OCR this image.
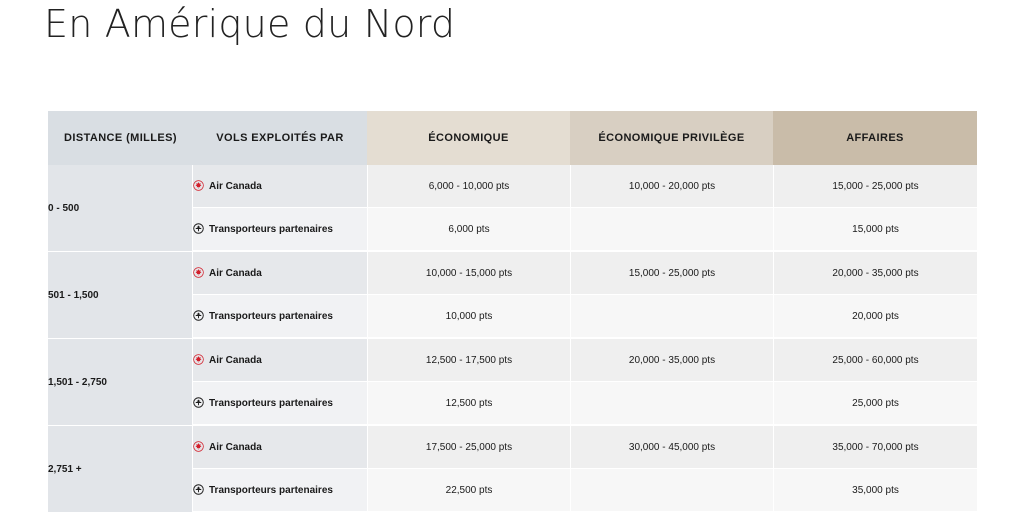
En Amérique du Nord
DISTANCE (MILLES)	VOLS EXPLOITÉS PAR	ÉCONOMIQUE	ÉCONOMIQUE PRIVILÈGE	AFFAIRES
0 - 500	Air Canada	6,000 - 10,000 pts	10,000 - 20,000 pts	15,000 - 25,000 pts
	Transporteurs partenaires	6,000 pts		15,000 pts
501 - 1,500	Air Canada	10,000 - 15,000 pts	15,000 - 25,000 pts	20,000 - 35,000 pts
	Transporteurs partenaires	10,000 pts		20,000 pts
1,501 - 2,750	Air Canada	12,500 - 17,500 pts	20,000 - 35,000 pts	25,000 - 60,000 pts
	Transporteurs partenaires	12,500 pts		25,000 pts
2,751 +	Air Canada	17,500 - 25,000 pts	30,000 - 45,000 pts	35,000 - 70,000 pts
	Transporteurs partenaires	22,500 pts		35,000 pts
